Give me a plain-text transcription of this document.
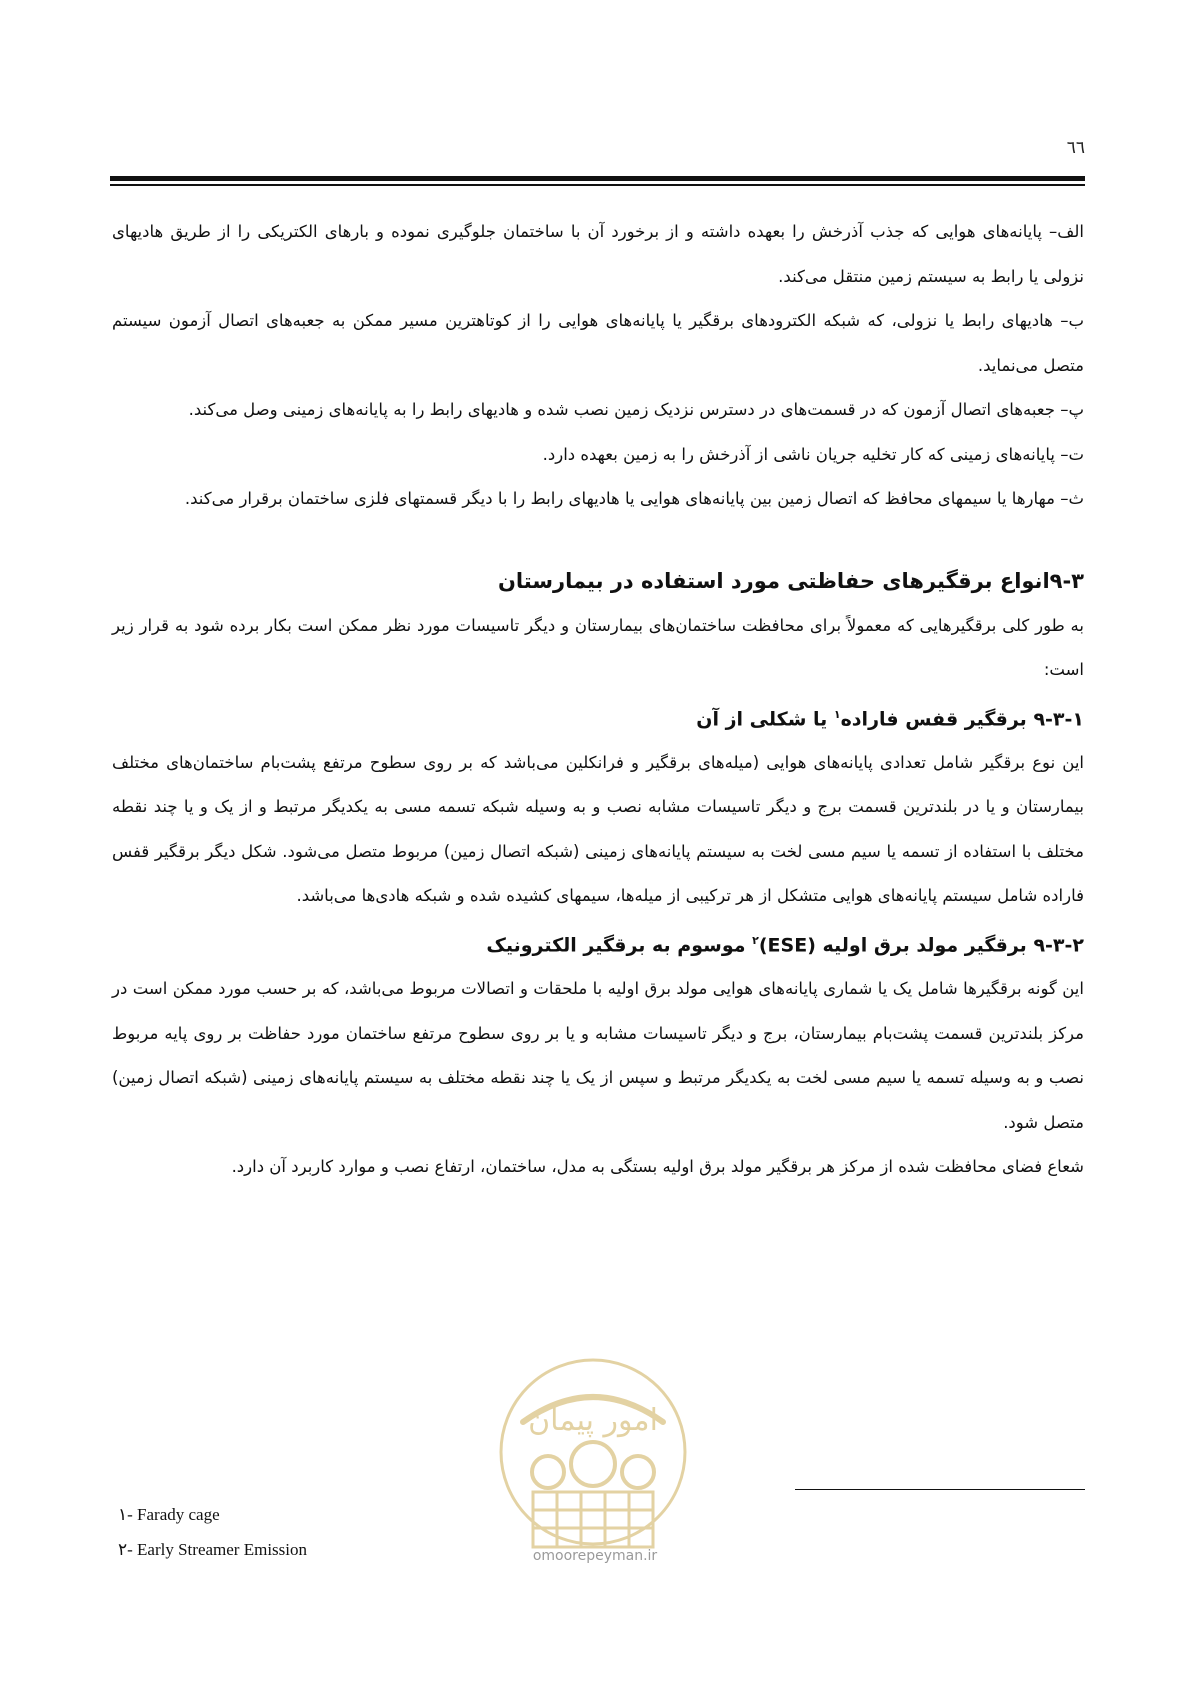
٦٦

الف– پایانه‌های هوایی که جذب آذرخش را بعهده داشته و از برخورد آن با ساختمان جلوگیری نموده و بارهای الکتریکی را از طریق هادیهای نزولی یا رابط به سیستم زمین منتقل می‌کند.

ب– هادیهای رابط یا نزولی، که شبکه الکترودهای برقگیر یا پایانه‌های هوایی را از کوتاهترین مسیر ممکن به جعبه‌های اتصال آزمون سیستم متصل می‌نماید.

پ– جعبه‌های اتصال آزمون که در قسمت‌های در دسترس نزدیک زمین نصب شده و هادیهای رابط را به پایانه‌های زمینی وصل می‌کند.

ت– پایانه‌های زمینی که کار تخلیه جریان ناشی از آذرخش را به زمین بعهده دارد.

ث– مهارها یا سیمهای محافظ که اتصال زمین بین پایانه‌های هوایی یا هادیهای رابط را با دیگر قسمتهای فلزی ساختمان برقرار می‌کند.

۹-۳انواع برقگیرهای حفاظتی مورد استفاده در بیمارستان

به طور کلی برقگیرهایی که معمولاً برای محافظت ساختمان‌های بیمارستان و دیگر تاسیسات مورد نظر ممکن است بکار برده شود به قرار زیر است:

۹-۳-۱ برقگیر قفس فاراده$^۱$ یا شکلی از آن

این نوع برقگیر شامل تعدادی پایانه‌های هوایی (میله‌های برقگیر و فرانکلین می‌باشد که بر روی سطوح مرتفع پشت‌بام ساختمان‌های مختلف بیمارستان و یا در بلندترین قسمت برج و دیگر تاسیسات مشابه نصب و به وسیله شبکه تسمه مسی به یکدیگر مرتبط و از یک و یا چند نقطه مختلف با استفاده از تسمه یا سیم مسی لخت به سیستم پایانه‌های زمینی (شبکه اتصال زمین) مربوط متصل می‌شود. شکل دیگر برقگیر قفس فاراده شامل سیستم پایانه‌های هوایی متشکل از هر ترکیبی از میله‌ها، سیمهای کشیده شده و شبکه هادی‌ها می‌باشد.

۹-۳-۲ برقگیر مولد برق اولیه (ESE)$^۲$ موسوم به برقگیر الکترونیک

این گونه برقگیرها شامل یک یا شماری پایانه‌های هوایی مولد برق اولیه با ملحقات و اتصالات مربوط می‌باشد، که بر حسب مورد ممکن است در مرکز بلندترین قسمت پشت‌بام بیمارستان، برج و دیگر تاسیسات مشابه و یا بر روی سطوح مرتفع ساختمان مورد حفاظت بر روی پایه مربوط نصب و به وسیله تسمه یا سیم مسی لخت به یکدیگر مرتبط و سپس از یک یا چند نقطه مختلف به سیستم پایانه‌های زمینی (شبکه اتصال زمین) متصل شود.

شعاع فضای محافظت شده از مرکز هر برقگیر مولد برق اولیه بستگی به مدل، ساختمان، ارتفاع نصب و موارد کاربرد آن دارد.

۱- Farady cage
۲- Early Streamer Emission
امور پیمان
omoorepeyman.ir
